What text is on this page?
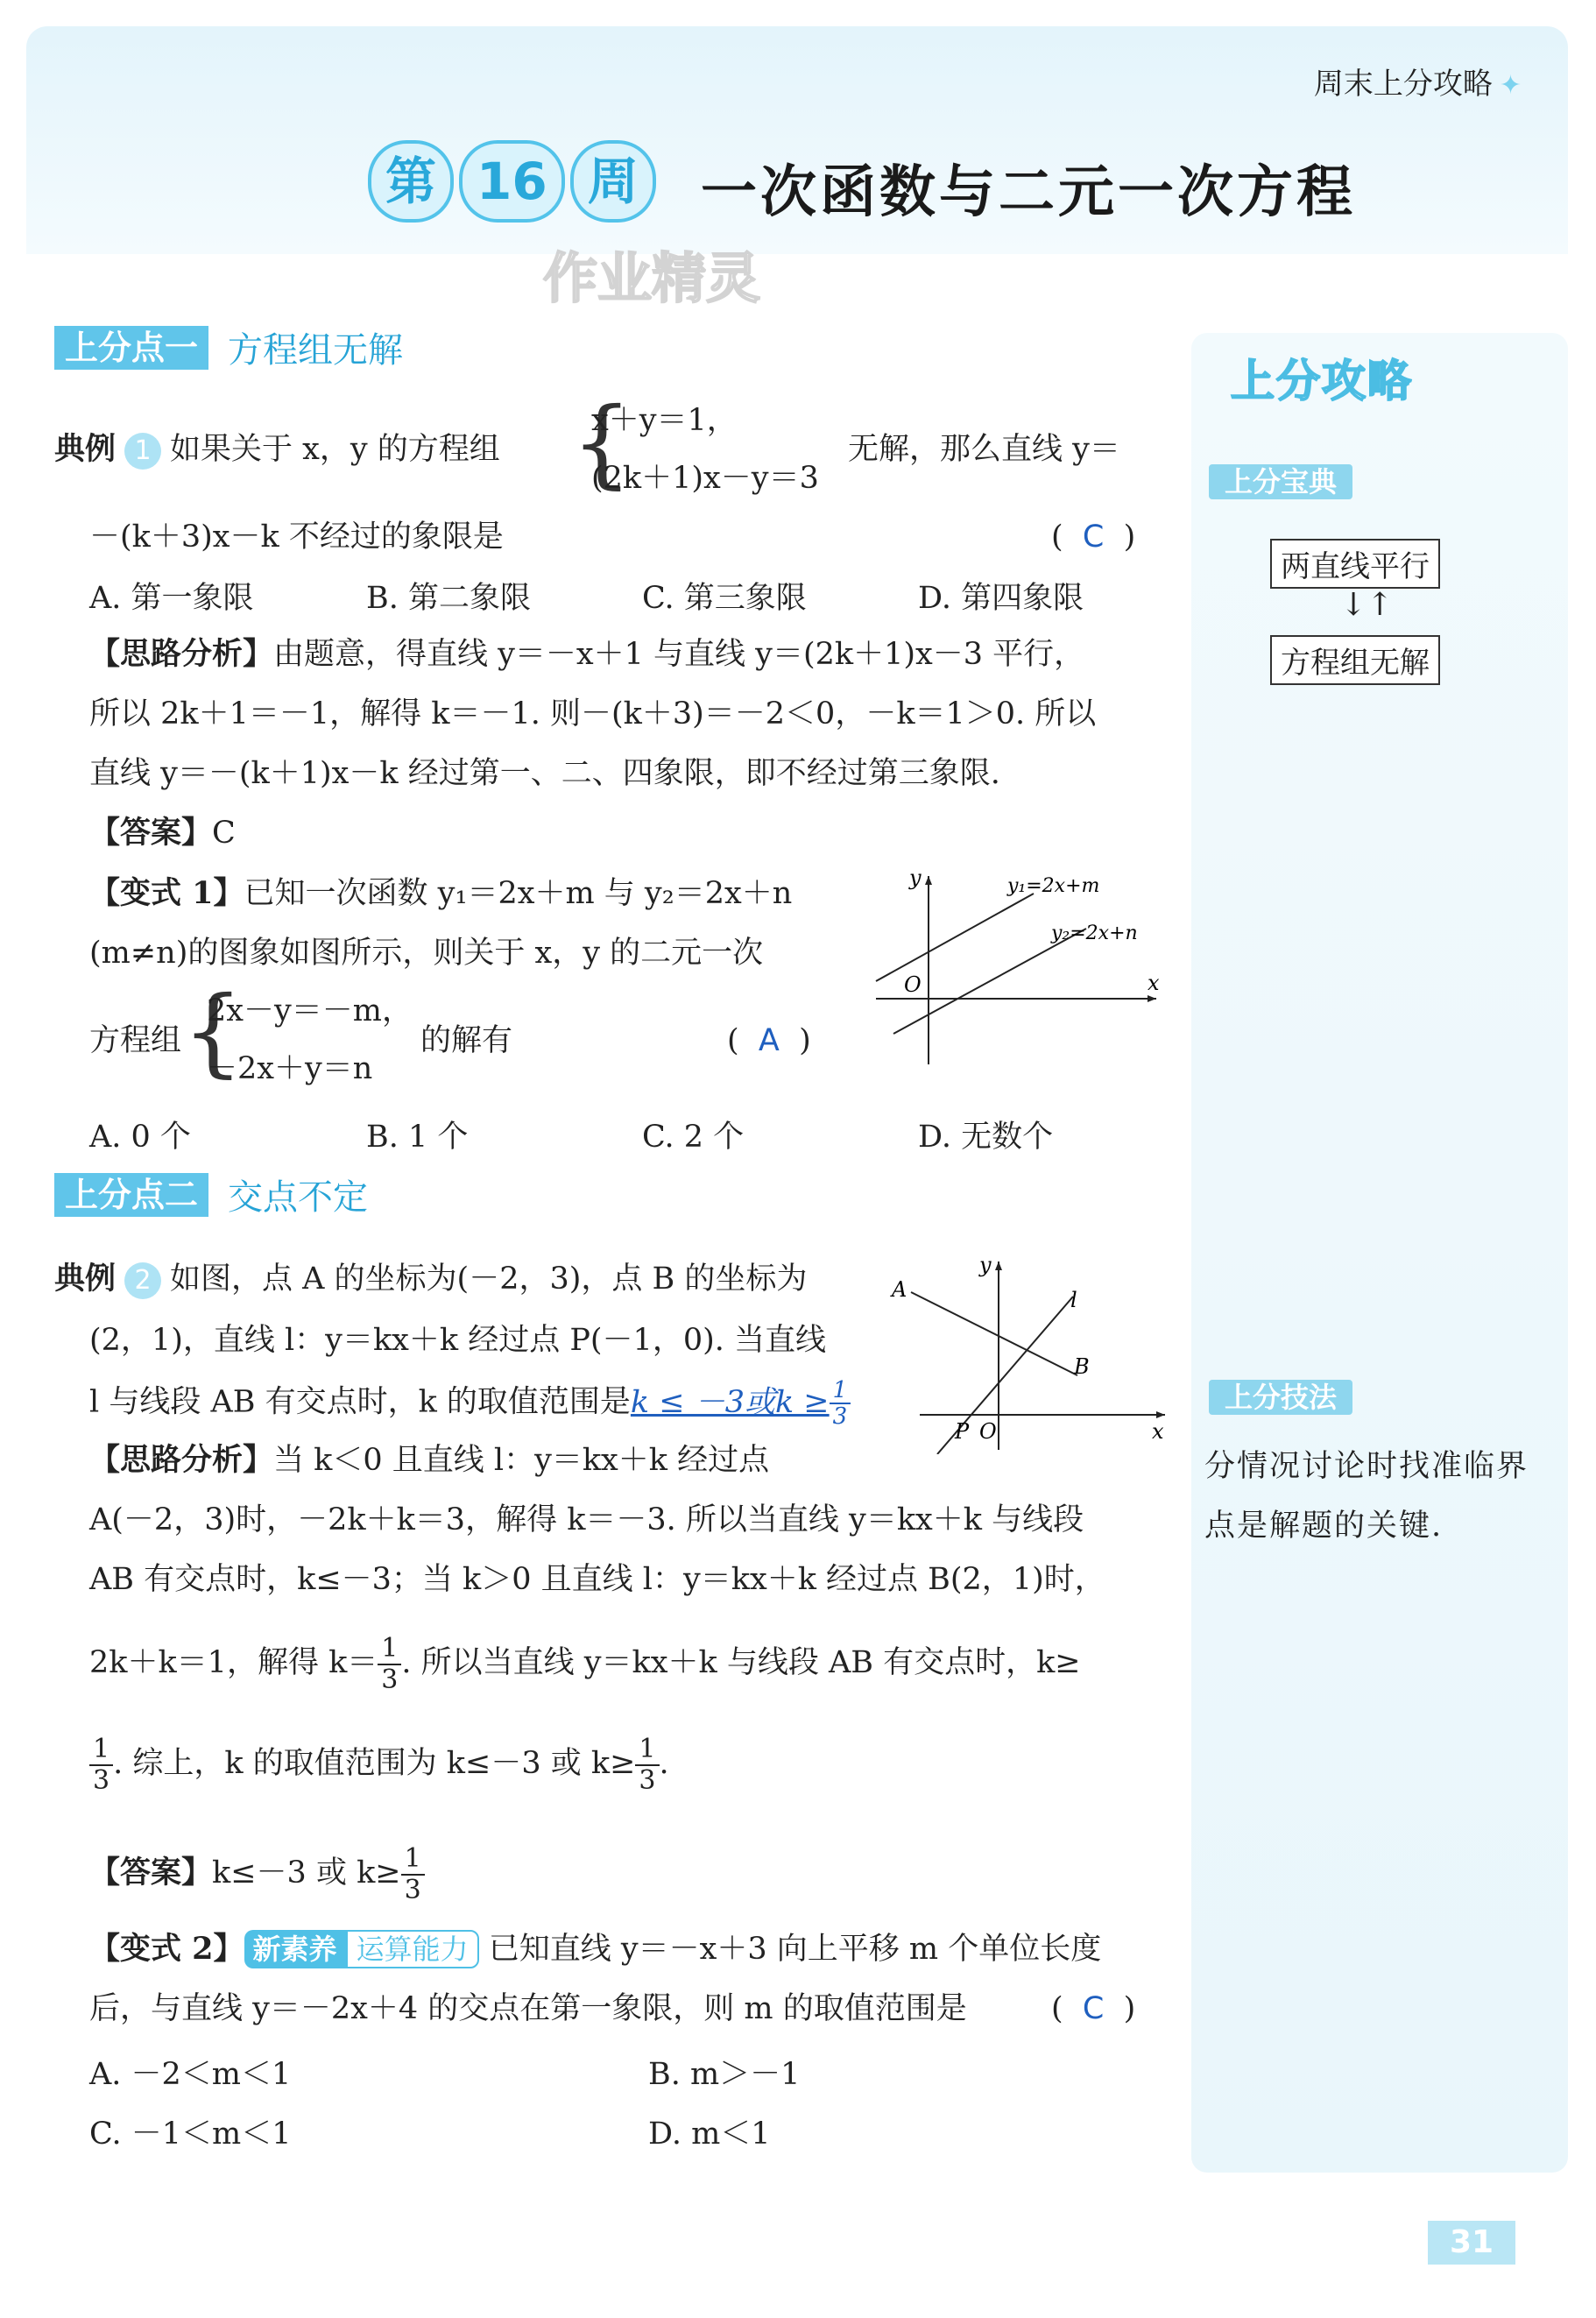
周末上分攻略 ✦
第 16 周	一次函数与二元一次方程
作业精灵
上分攻略
上分宝典
两直线平行
↓↑
方程组无解
上分技法
分情况讨论时找准临界点是解题的关键.
上分点一 方程组无解
典例 1 如果关于 x，y 的方程组 {
x＋y＝1，
(2k＋1)x－y＝3
无解，那么直线 y＝
－(k＋3)x－k 不经过的象限是	(  C  )
A. 第一象限	B. 第二象限	C. 第三象限	D. 第四象限
【思路分析】由题意，得直线 y＝－x＋1 与直线 y＝(2k＋1)x－3 平行，
所以 2k＋1＝－1，解得 k＝－1. 则－(k＋3)＝－2＜0，－k＝1＞0. 所以
直线 y＝－(k＋1)x－k 经过第一、二、四象限，即不经过第三象限.
【答案】C
【变式 1】已知一次函数 y₁＝2x＋m 与 y₂＝2x＋n
(m≠n)的图象如图所示，则关于 x，y 的二元一次
方程组 {
2x－y＝－m，
－2x＋y＝n
的解有	(  A  )
A. 0 个	B. 1 个	C. 2 个	D. 无数个
y
x
O
y₁=2x+m
y₂=2x+n
上分点二 交点不定
典例 2 如图，点 A 的坐标为(－2，3)，点 B 的坐标为
(2，1)，直线 l：y＝kx＋k 经过点 P(－1，0). 当直线
l 与线段 AB 有交点时，k 的取值范围是k ≤ －3或$k \ge \frac{1}{3}$
【思路分析】当 k＜0 且直线 l：y＝kx＋k 经过点
A(－2，3)时，－2k＋k＝3，解得 k＝－3. 所以当直线 y＝kx＋k 与线段
AB 有交点时，k≤－3；当 k＞0 且直线 l：y＝kx＋k 经过点 B(2，1)时，
2k＋k＝1，解得 $k= \frac{1}{3}$ . 所以当直线 y＝kx＋k 与线段 AB 有交点时，k≥
$\frac{1}{3}$ . 综上，k 的取值范围为 k≤－3 或 $k\ge \frac{1}{3}$ .
【答案】k≤－3 或 $k\ge \frac{1}{3}$
y
x
A
B
l
P O
【变式 2】 新素养 运算能力 已知直线 y＝－x＋3 向上平移 m 个单位长度
后，与直线 y＝－2x＋4 的交点在第一象限，则 m 的取值范围是	(  C  )
A. －2＜m＜1	B. m＞－1
C. －1＜m＜1	D. m＜1
31
